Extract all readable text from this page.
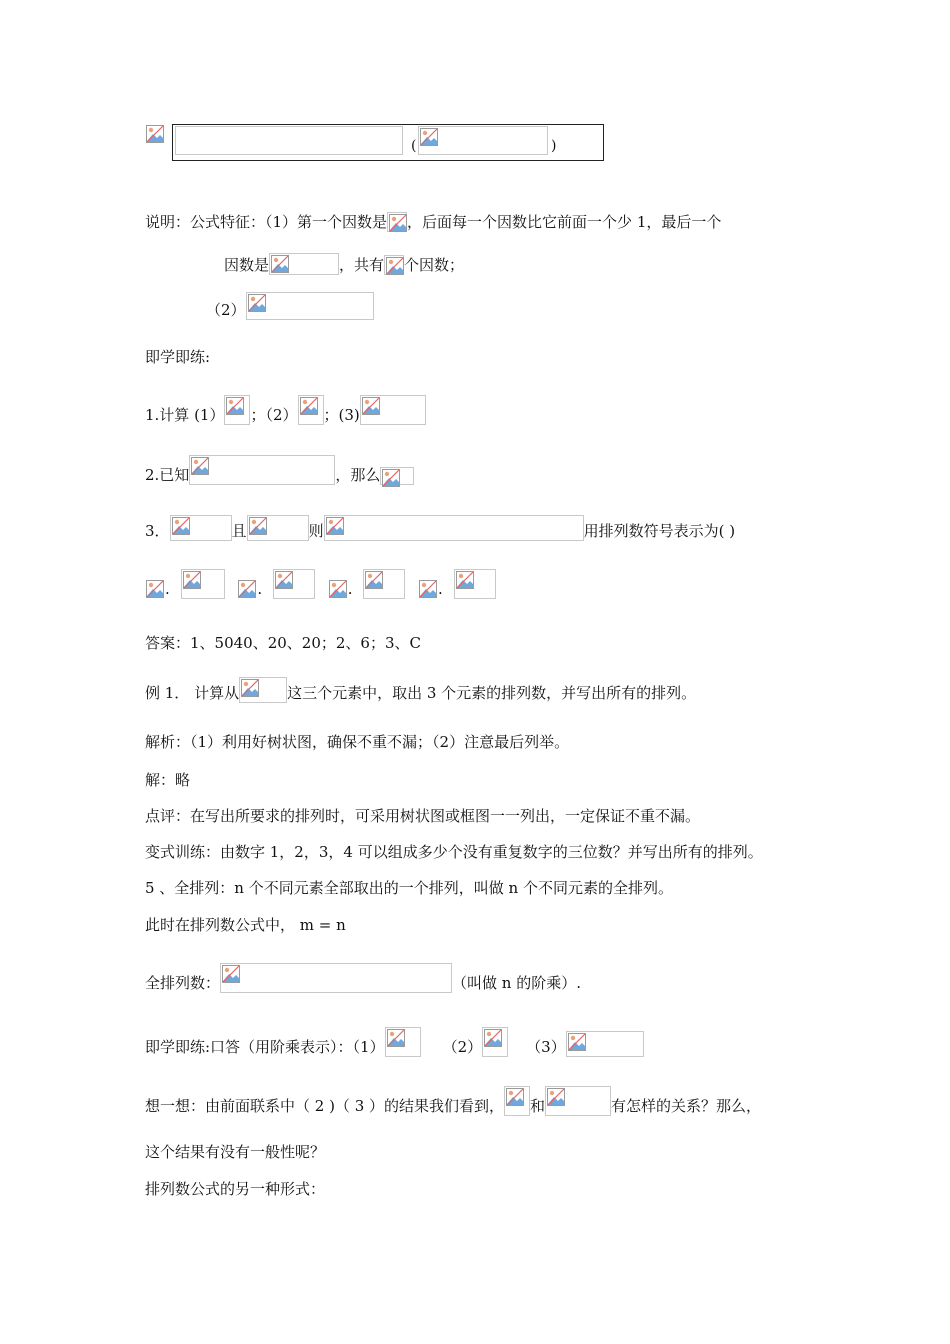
(	)
说明：公式特征：（1）第一个因数是 ，后面每一个因数比它前面一个少 1，最后一个
因数是	，共有 个因数；
（2）
即学即练:
1.计算 (1） ；（2） ；(3)
2.已知	，那么
3．	且	则	用排列数符号表示为( )
.
	.
	.
	.
答案：1、5040、20、20；2、6；3、C
例 1． 计算从	这三个元素中，取出 3 个元素的排列数，并写出所有的排列。
解析：（1）利用好树状图，确保不重不漏；（2）注意最后列举。
解：略
点评：在写出所要求的排列时，可采用树状图或框图一一列出，一定保证不重不漏。
变式训练：由数字 1，2，3，4 可以组成多少个没有重复数字的三位数？并写出所有的排列。
5 、全排列：n 个不同元素全部取出的一个排列，叫做 n 个不同元素的全排列。
此时在排列数公式中， m = n
全排列数：	（叫做 n 的阶乘）.
即学即练:口答（用阶乘表示）：（1）	（2）	（3）
想一想：由前面联系中（ 2 )（ 3 ）的结果我们看到， 和	有怎样的关系？那么，
这个结果有没有一般性呢？
排列数公式的另一种形式：
